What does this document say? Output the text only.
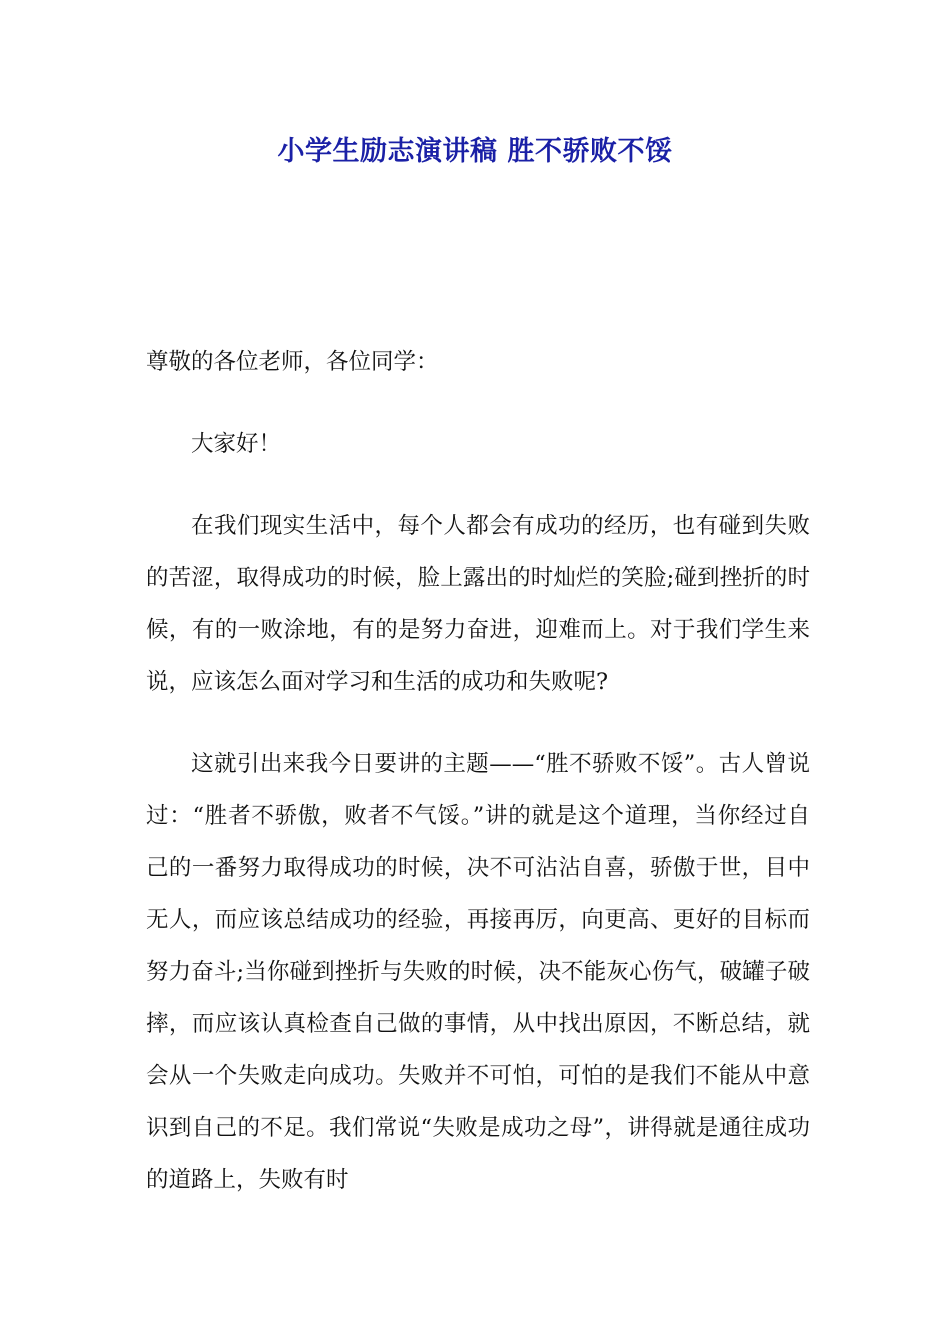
小学生励志演讲稿 胜不骄败不馁

尊敬的各位老师，各位同学：

大家好！

在我们现实生活中，每个人都会有成功的经历，也有碰到失败的苦涩，取得成功的时候，脸上露出的时灿烂的笑脸;碰到挫折的时候，有的一败涂地，有的是努力奋进，迎难而上。对于我们学生来说，应该怎么面对学习和生活的成功和失败呢?

这就引出来我今日要讲的主题——“胜不骄败不馁”。古人曾说过：“胜者不骄傲，败者不气馁。”讲的就是这个道理，当你经过自己的一番努力取得成功的时候，决不可沾沾自喜，骄傲于世，目中无人，而应该总结成功的经验，再接再厉，向更高、更好的目标而努力奋斗;当你碰到挫折与失败的时候，决不能灰心伤气，破罐子破摔，而应该认真检查自己做的事情，从中找出原因，不断总结，就会从一个失败走向成功。失败并不可怕，可怕的是我们不能从中意识到自己的不足。我们常说“失败是成功之母”，讲得就是通往成功的道路上，失败有时
